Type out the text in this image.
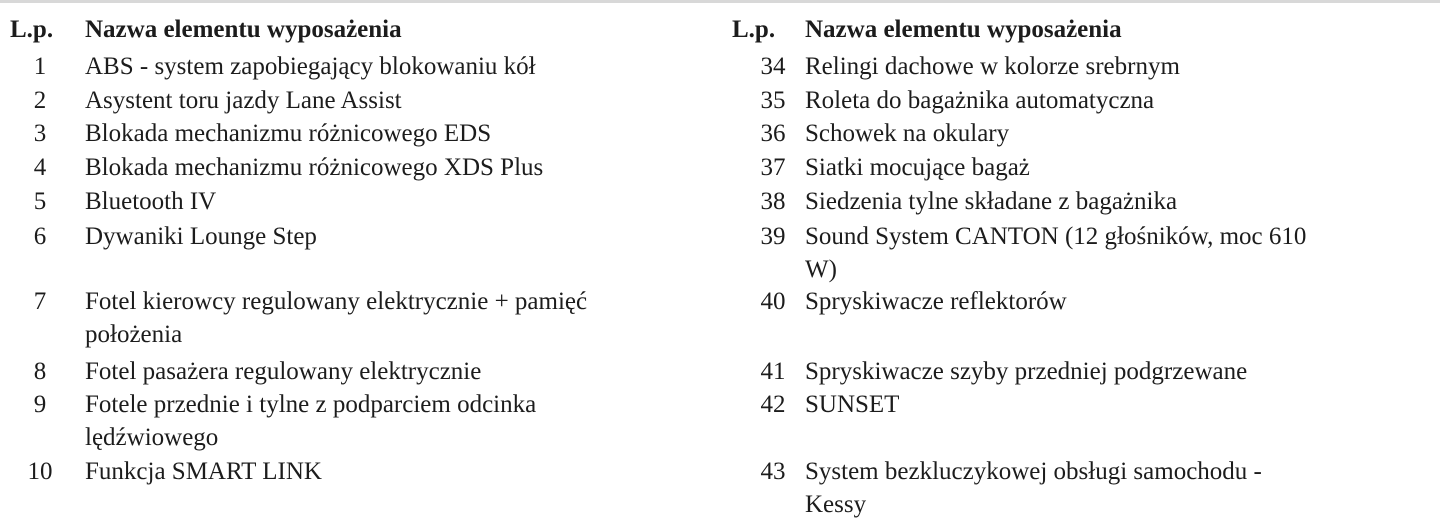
L.p. Nazwa elementu wyposażenia
1	ABS - system zapobiegający blokowaniu kół
2	Asystent toru jazdy Lane Assist
3	Blokada mechanizmu różnicowego EDS
4	Blokada mechanizmu różnicowego XDS Plus
5	Bluetooth IV
6	Dywaniki Lounge Step
7	Fotel kierowcy regulowany elektrycznie + pamięć
położenia
8	Fotel pasażera regulowany elektrycznie
9	Fotele przednie i tylne z podparciem odcinka
lędźwiowego
10	Funkcja SMART LINK
L.p. Nazwa elementu wyposażenia
34 Relingi dachowe w kolorze srebrnym
35 Roleta do bagażnika automatyczna
36 Schowek na okulary
37 Siatki mocujące bagaż
38 Siedzenia tylne składane z bagażnika
39 Sound System CANTON (12 głośników, moc 610
W)
40 Spryskiwacze reflektorów
41 Spryskiwacze szyby przedniej podgrzewane
42 SUNSET
43 System bezkluczykowej obsługi samochodu -
Kessy
